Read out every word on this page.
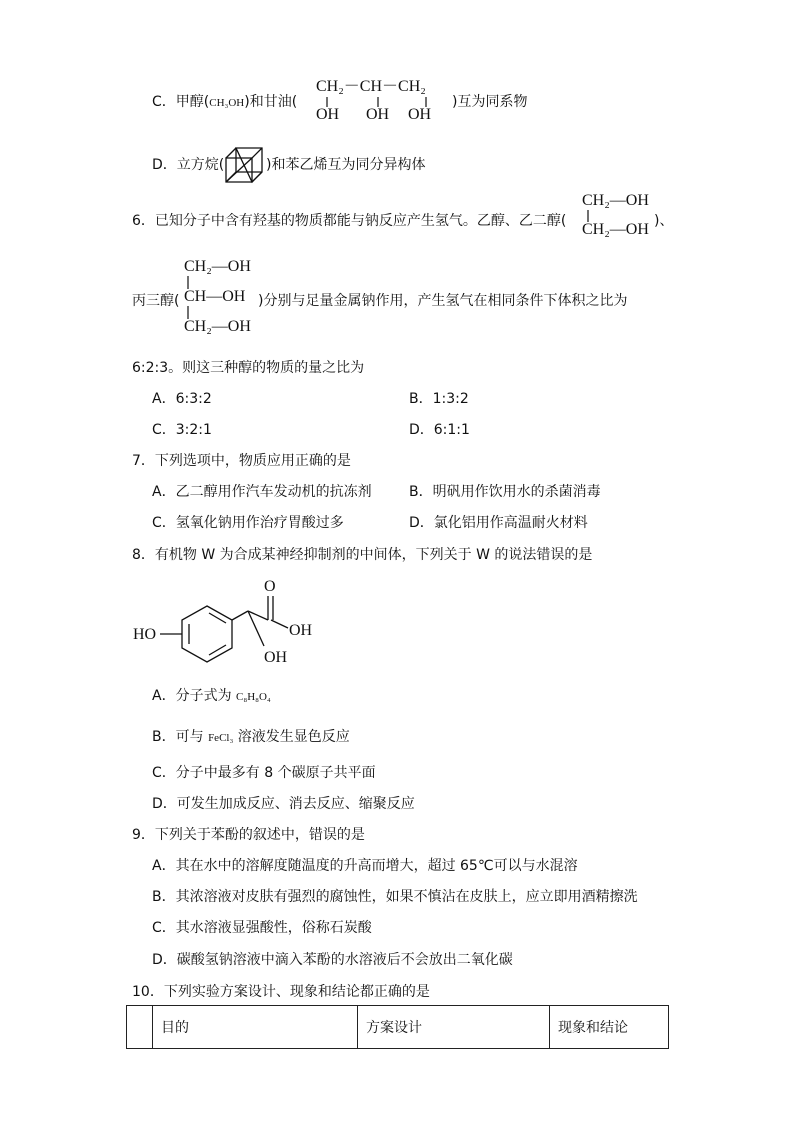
C．甲醇(CH₃OH)和甘油(
CH₂－CH－CH₂
OH OH OH
)互为同系物
D．立方烷(	)和苯乙烯互为同分异构体
6．已知分子中含有羟基的物质都能与钠反应产生氢气。乙醇、乙二醇(
CH₂—OH
CH₂—OH )、
CH₂—OH
CH—OH
CH₂—OH
丙三醇(	)分别与足量金属钠作用，产生氢气在相同条件下体积之比为
6:2:3。则这三种醇的物质的量之比为
A．6:3:2	B．1:3:2
C．3:2:1	D．6:1:1
7．下列选项中，物质应用正确的是
A．乙二醇用作汽车发动机的抗冻剂	B．明矾用作饮用水的杀菌消毒
C．氢氧化钠用作治疗胃酸过多	D．氯化铝用作高温耐火材料
8．有机物 W 为合成某神经抑制剂的中间体，下列关于 W 的说法错误的是
HO
O
OH
OH
A．分子式为 C₈H₈O₄
B．可与 FeCl₃ 溶液发生显色反应
C．分子中最多有 8 个碳原子共平面
D．可发生加成反应、消去反应、缩聚反应
9．下列关于苯酚的叙述中，错误的是
A．其在水中的溶解度随温度的升高而增大，超过 65℃可以与水混溶
B．其浓溶液对皮肤有强烈的腐蚀性，如果不慎沾在皮肤上，应立即用酒精擦洗
C．其水溶液显强酸性，俗称石炭酸
D．碳酸氢钠溶液中滴入苯酚的水溶液后不会放出二氧化碳
10．下列实验方案设计、现象和结论都正确的是
	目的	方案设计	现象和结论
